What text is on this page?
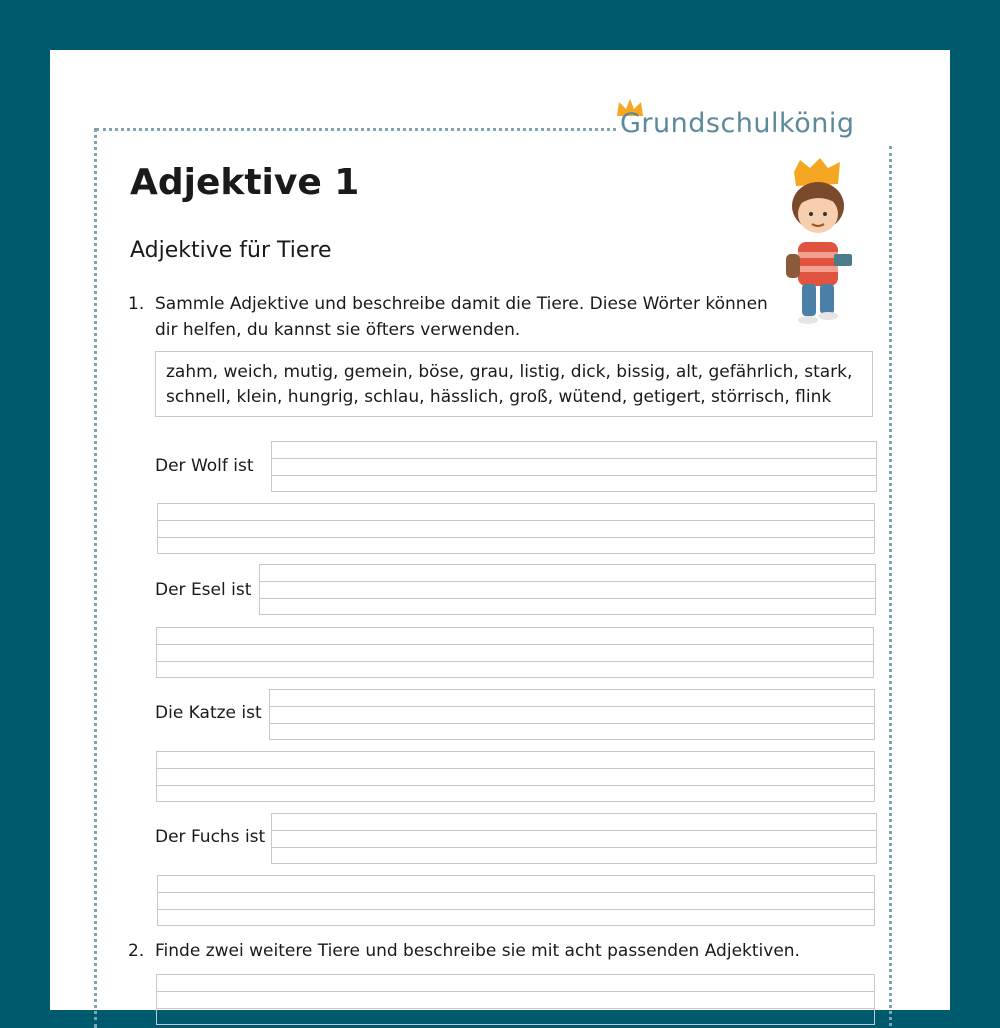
Grundschulkönig
Adjektive 1
Adjektive für Tiere
1. Sammle Adjektive und beschreibe damit die Tiere. Diese Wörter können dir helfen, du kannst sie öfters verwenden.
zahm, weich, mutig, gemein, böse, grau, listig, dick, bissig, alt, gefährlich, stark, schnell, klein, hungrig, schlau, hässlich, groß, wütend, getigert, störrisch, flink
Der Wolf ist
Der Esel ist
Die Katze ist
Der Fuchs ist
2. Finde zwei weitere Tiere und beschreibe sie mit acht passenden Adjektiven.
